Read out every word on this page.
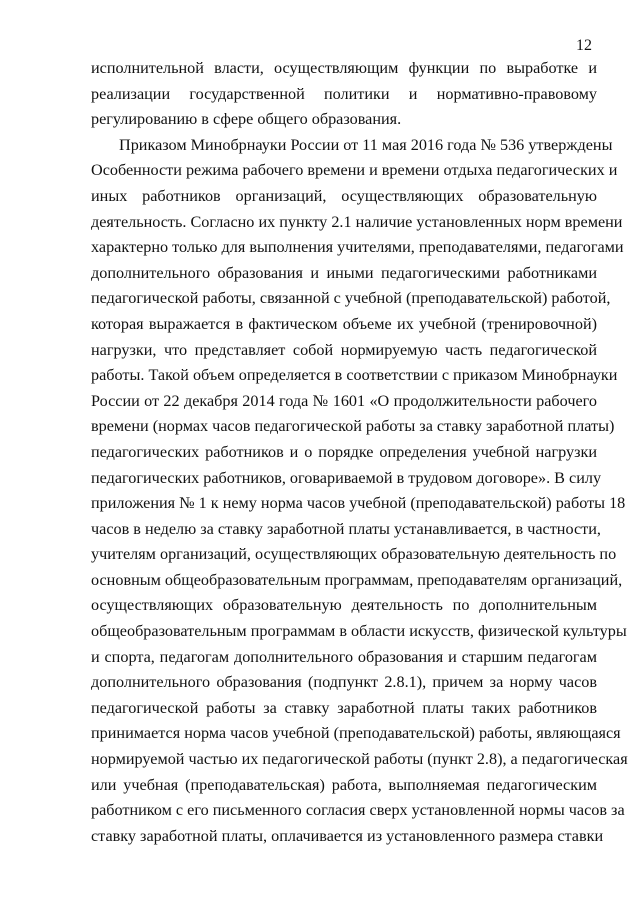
12

исполнительной власти, осуществляющим функции по выработке и
реализации государственной политики и нормативно-правовому
регулированию в сфере общего образования.

Приказом Минобрнауки России от 11 мая 2016 года № 536 утверждены
Особенности режима рабочего времени и времени отдыха педагогических и
иных работников организаций, осуществляющих образовательную
деятельность. Согласно их пункту 2.1 наличие установленных норм времени
характерно только для выполнения учителями, преподавателями, педагогами
дополнительного образования и иными педагогическими работниками
педагогической работы, связанной с учебной (преподавательской) работой,
которая выражается в фактическом объеме их учебной (тренировочной)
нагрузки, что представляет собой нормируемую часть педагогической
работы. Такой объем определяется в соответствии с приказом Минобрнауки
России от 22 декабря 2014 года № 1601 «О продолжительности рабочего
времени (нормах часов педагогической работы за ставку заработной платы)
педагогических работников и о порядке определения учебной нагрузки
педагогических работников, оговариваемой в трудовом договоре». В силу
приложения № 1 к нему норма часов учебной (преподавательской) работы 18
часов в неделю за ставку заработной платы устанавливается, в частности,
учителям организаций, осуществляющих образовательную деятельность по
основным общеобразовательным программам, преподавателям организаций,
осуществляющих образовательную деятельность по дополнительным
общеобразовательным программам в области искусств, физической культуры
и спорта, педагогам дополнительного образования и старшим педагогам
дополнительного образования (подпункт 2.8.1), причем за норму часов
педагогической работы за ставку заработной платы таких работников
принимается норма часов учебной (преподавательской) работы, являющаяся
нормируемой частью их педагогической работы (пункт 2.8), а педагогическая
или учебная (преподавательская) работа, выполняемая педагогическим
работником с его письменного согласия сверх установленной нормы часов за
ставку заработной платы, оплачивается из установленного размера ставки
